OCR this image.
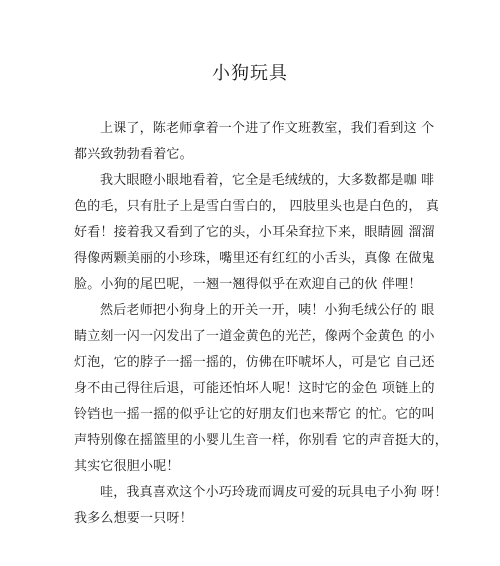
小狗玩具
上课了，陈老师拿着一个进了作文班教室，我们看到这 个
都兴致勃勃看着它。
我大眼瞪小眼地看着，它全是毛绒绒的，大多数都是咖 啡
色的毛，只有肚子上是雪白雪白的， 四肢里头也是白色的， 真
好看！接着我又看到了它的头，小耳朵耷拉下来，眼睛圆 溜溜
得像两颗美丽的小珍珠，嘴里还有红红的小舌头，真像 在做鬼
脸。小狗的尾巴呢，一翘一翘得似乎在欢迎自己的伙 伴哩！
然后老师把小狗身上的开关一开，咦！小狗毛绒公仔的 眼
睛立刻一闪一闪发出了一道金黄色的光芒，像两个金黄色 的小
灯泡，它的脖子一摇一摇的，仿佛在吓唬坏人，可是它 自己还
身不由己得往后退，可能还怕坏人呢！这时它的金色 项链上的
铃铛也一摇一摇的似乎让它的好朋友们也来帮它 的忙。它的叫
声特别像在摇篮里的小婴儿生音一样，你别看 它的声音挺大的，
其实它很胆小呢！
哇，我真喜欢这个小巧玲珑而调皮可爱的玩具电子小狗 呀！
我多么想要一只呀！
